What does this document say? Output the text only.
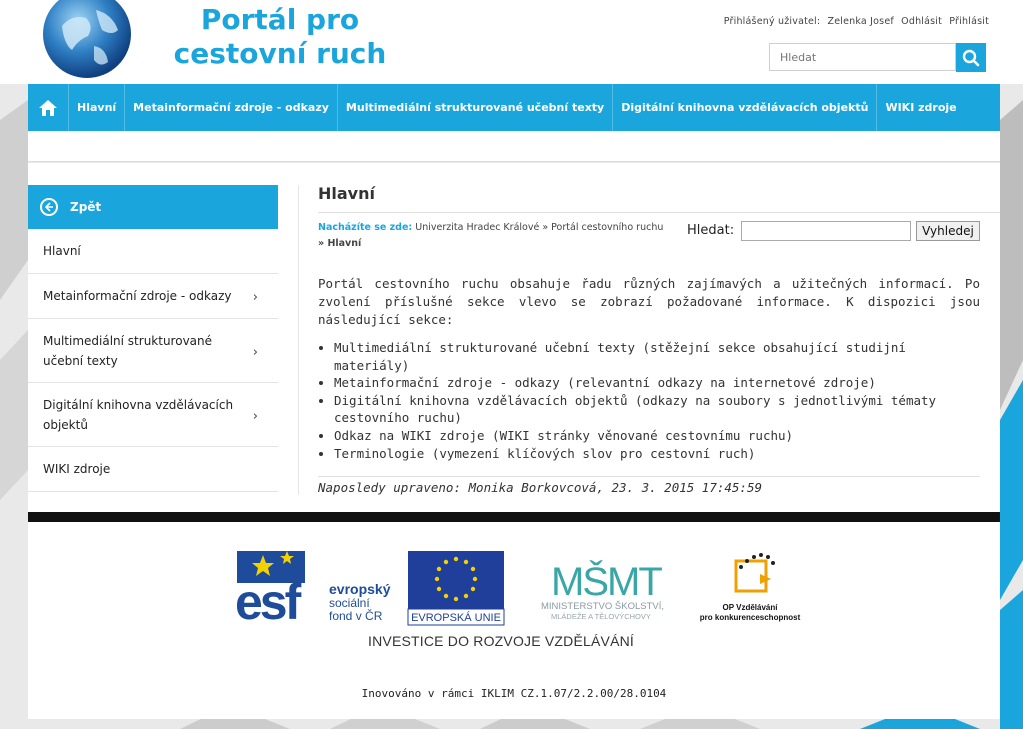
Portál pro
cestovní ruch
Přihlášený uživatel: Zelenka Josef Odhlásit Přihlásit
Hledat
Hlavní	Metainformační zdroje - odkazy	Multimediální strukturované učební texty	Digitální knihovna vzdělávacích objektů	WIKI zdroje
Zpět
Hlavní
Metainformační zdroje - odkazy ›
Multimediální strukturované učební texty
›
Digitální knihovna vzdělávacích objektů
›
WIKI zdroje
Hlavní
Nacházíte se zde: Univerzita Hradec Králové » Portál cestovního ruchu
» Hlavní
Hledat:	Vyhledej

Portál cestovního ruchu obsahuje řadu různých zajímavých a užitečných informací. Po zvolení příslušné sekce vlevo se zobrazí požadované informace. K dispozici jsou následující sekce:

• Multimediální strukturované učební texty (stěžejní sekce obsahující studijní materiály)
• Metainformační zdroje - odkazy (relevantní odkazy na internetové zdroje)
• Digitální knihovna vzdělávacích objektů (odkazy na soubory s jednotlivými tématy cestovního ruchu)
• Odkaz na WIKI zdroje (WIKI stránky věnované cestovnímu ruchu)
• Terminologie (vymezení klíčových slov pro cestovní ruch)
Naposledy upraveno: Monika Borkovcová, 23. 3. 2015 17:45:59
esf evropský
sociální
fond v ČR	EVROPSKÁ UNIE
MŠMT
MINISTERSTVO ŠKOLSTVÍ,
MLÁDEŽE A TĚLOVÝCHOVY
OP Vzdělávání
pro konkurenceschopnost
INVESTICE DO ROZVOJE VZDĚLÁVÁNÍ
Inovováno v rámci IKLIM CZ.1.07/2.2.00/28.0104
